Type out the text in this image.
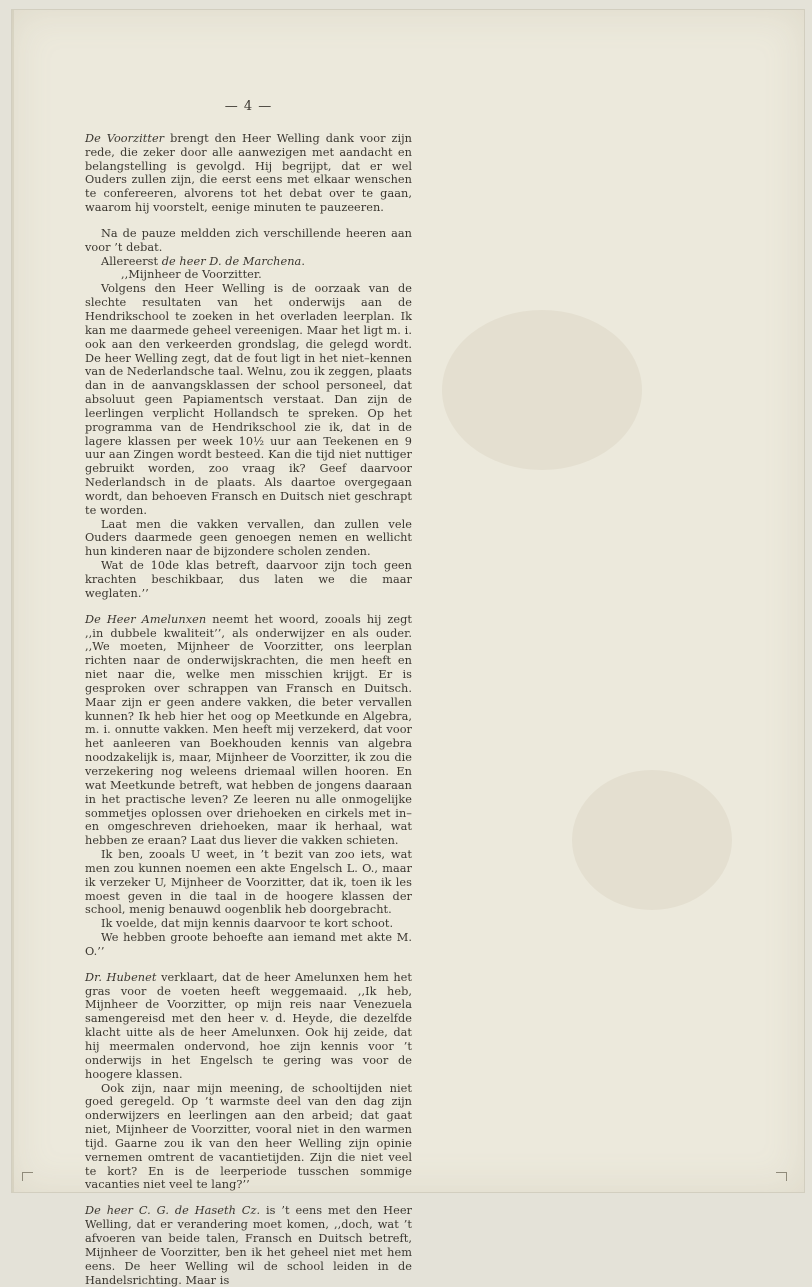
— 4 —

De Voorzitter brengt den Heer Welling dank voor zijn rede, die zeker door alle aanwezigen met aandacht en belangstelling is gevolgd. Hij begrijpt, dat er wel Ouders zullen zijn, die eerst eens met elkaar wenschen te confereeren, alvorens tot het debat over te gaan, waarom hij voorstelt, eenige minuten te pauzeeren.

Na de pauze meldden zich verschillende heeren aan voor ’t debat.

Allereerst de heer D. de Marchena.

,,Mijnheer de Voorzitter.

Volgens den Heer Welling is de oorzaak van de slechte resultaten van het onderwijs aan de Hendrikschool te zoeken in het overladen leerplan. Ik kan me daarmede geheel vereenigen. Maar het ligt m. i. ook aan den verkeerden grondslag, die gelegd wordt. De heer Welling zegt, dat de fout ligt in het niet–kennen van de Nederlandsche taal. Welnu, zou ik zeggen, plaats dan in de aanvangsklassen der school personeel, dat absoluut geen Papiamentsch verstaat. Dan zijn de leerlingen verplicht Hollandsch te spreken. Op het programma van de Hendrikschool zie ik, dat in de lagere klassen per week 10½ uur aan Teekenen en 9 uur aan Zingen wordt besteed. Kan die tijd niet nuttiger gebruikt worden, zoo vraag ik? Geef daarvoor Nederlandsch in de plaats. Als daartoe overgegaan wordt, dan behoeven Fransch en Duitsch niet geschrapt te worden.

Laat men die vakken vervallen, dan zullen vele Ouders daarmede geen genoegen nemen en wellicht hun kinderen naar de bijzondere scholen zenden.

Wat de 10de klas betreft, daarvoor zijn toch geen krachten beschikbaar, dus laten we die maar weglaten.’’

De Heer Amelunxen neemt het woord, zooals hij zegt ,,in dubbele kwaliteit’’, als onderwijzer en als ouder. ,,We moeten, Mijnheer de Voorzitter, ons leerplan richten naar de onderwijskrachten, die men heeft en niet naar die, welke men misschien krijgt. Er is gesproken over schrappen van Fransch en Duitsch. Maar zijn er geen andere vakken, die beter vervallen kunnen? Ik heb hier het oog op Meetkunde en Algebra, m. i. onnutte vakken. Men heeft mij verzekerd, dat voor het aanleeren van Boekhouden kennis van algebra noodzakelijk is, maar, Mijnheer de Voorzitter, ik zou die verzekering nog weleens driemaal willen hooren. En wat Meetkunde betreft, wat hebben de jongens daaraan in het practische leven? Ze leeren nu alle onmogelijke sommetjes oplossen over driehoeken en cirkels met in– en omgeschreven driehoeken, maar ik herhaal, wat hebben ze eraan? Laat dus liever die vakken schieten.

Ik ben, zooals U weet, in ’t bezit van zoo iets, wat men zou kunnen noemen een akte Engelsch L. O., maar ik verzeker U, Mijnheer de Voorzitter, dat ik, toen ik les moest geven in die taal in de hoogere klassen der school, menig benauwd oogenblik heb doorgebracht.

Ik voelde, dat mijn kennis daarvoor te kort schoot.

We hebben groote behoefte aan iemand met akte M. O.’’

Dr. Hubenet verklaart, dat de heer Amelunxen hem het gras voor de voeten heeft weggemaaid. ,,Ik heb, Mijnheer de Voorzitter, op mijn reis naar Venezuela samengereisd met den heer v. d. Heyde, die dezelfde klacht uitte als de heer Amelunxen. Ook hij zeide, dat hij meermalen ondervond, hoe zijn kennis voor ’t onderwijs in het Engelsch te gering was voor de hoogere klassen.

Ook zijn, naar mijn meening, de schooltijden niet goed geregeld. Op ’t warmste deel van den dag zijn onderwijzers en leerlingen aan den arbeid; dat gaat niet, Mijnheer de Voorzitter, vooral niet in den warmen tijd. Gaarne zou ik van den heer Welling zijn opinie vernemen omtrent de vacantietijden. Zijn die niet veel te kort? En is de leerperiode tusschen sommige vacanties niet veel te lang?’’

De heer C. G. de Haseth Cz. is ’t eens met den Heer Welling, dat er verandering moet komen, ,,doch, wat ’t afvoeren van beide talen, Fransch en Duitsch betreft, Mijnheer de Voorzitter, ben ik het geheel niet met hem eens. De heer Welling wil de school leiden in de Handelsrichting. Maar is
